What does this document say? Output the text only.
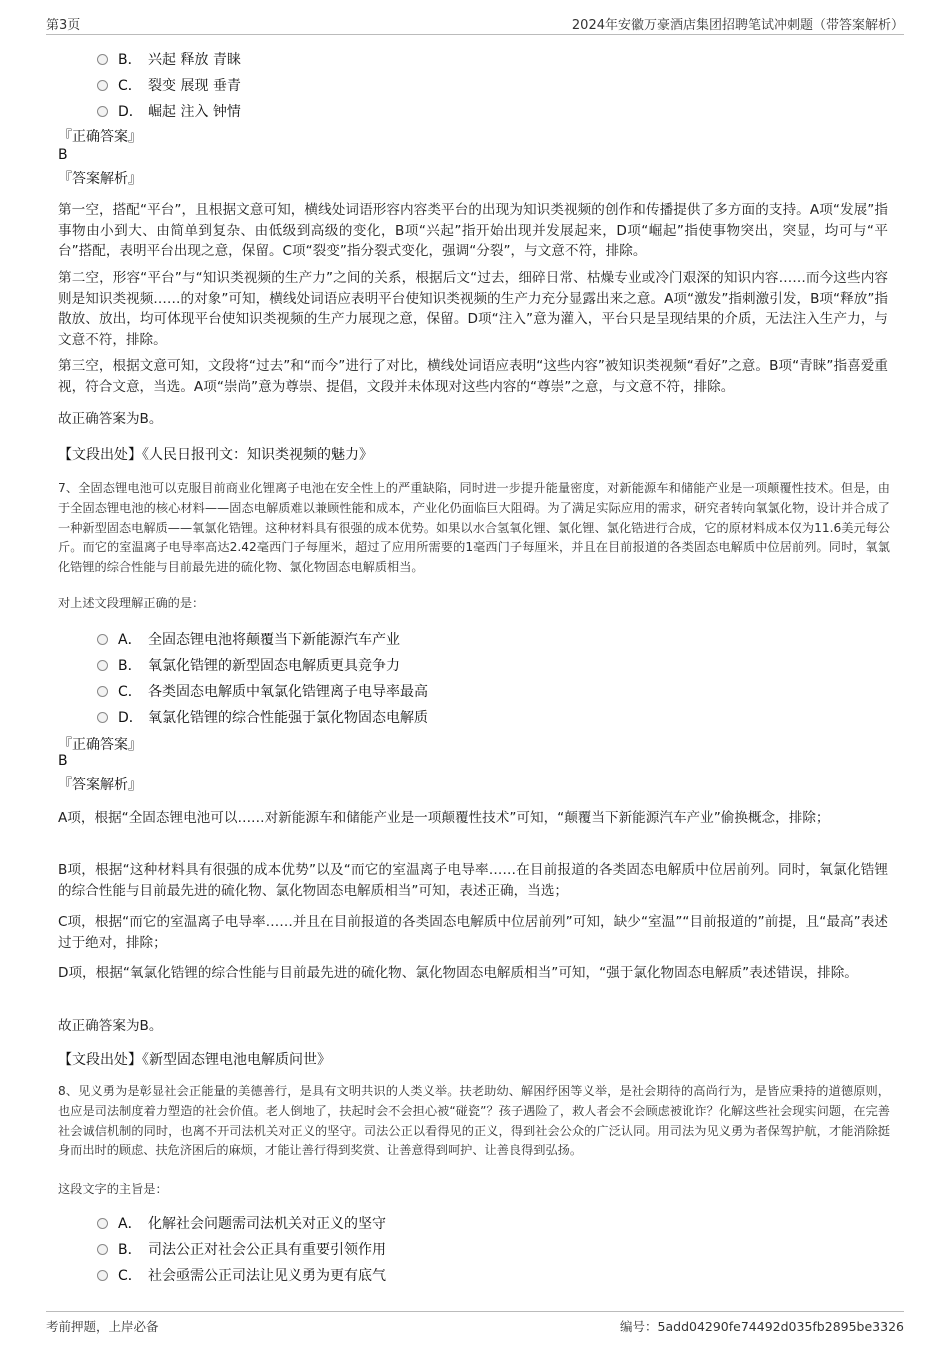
第3页	2024年安徽万豪酒店集团招聘笔试冲刺题（带答案解析）
B． 兴起 释放 青睐
C． 裂变 展现 垂青
D． 崛起 注入 钟情
『正确答案』
B
『答案解析』
第一空，搭配“平台”，且根据文意可知，横线处词语形容内容类平台的出现为知识类视频的创作和传播提供了多方面的支持。A项“发展”指事物由小到大、由简单到复杂、由低级到高级的变化，B项“兴起”指开始出现并发展起来，D项“崛起”指使事物突出，突显，均可与“平台”搭配，表明平台出现之意，保留。C项“裂变”指分裂式变化，强调“分裂”，与文意不符，排除。
第二空，形容“平台”与“知识类视频的生产力”之间的关系，根据后文“过去，细碎日常、枯燥专业或冷门艰深的知识内容……而今这些内容则是知识类视频……的对象”可知，横线处词语应表明平台使知识类视频的生产力充分显露出来之意。A项“激发”指刺激引发，B项“释放”指散放、放出，均可体现平台使知识类视频的生产力展现之意，保留。D项“注入”意为灌入，平台只是呈现结果的介质，无法注入生产力，与文意不符，排除。
第三空，根据文意可知，文段将“过去”和“而今”进行了对比，横线处词语应表明“这些内容”被知识类视频“看好”之意。B项“青睐”指喜爱重视，符合文意，当选。A项“崇尚”意为尊崇、提倡，文段并未体现对这些内容的“尊崇”之意，与文意不符，排除。
故正确答案为B。
【文段出处】《人民日报刊文：知识类视频的魅力》
7、全固态锂电池可以克服目前商业化锂离子电池在安全性上的严重缺陷，同时进一步提升能量密度，对新能源车和储能产业是一项颠覆性技术。但是，由于全固态锂电池的核心材料——固态电解质难以兼顾性能和成本，产业化仍面临巨大阻碍。为了满足实际应用的需求，研究者转向氧氯化物，设计并合成了一种新型固态电解质——氧氯化锆锂。这种材料具有很强的成本优势。如果以水合氢氧化锂、氯化锂、氯化锆进行合成，它的原材料成本仅为11.6美元每公斤。而它的室温离子电导率高达2.42毫西门子每厘米，超过了应用所需要的1毫西门子每厘米，并且在目前报道的各类固态电解质中位居前列。同时，氧氯化锆锂的综合性能与目前最先进的硫化物、氯化物固态电解质相当。
对上述文段理解正确的是：
A． 全固态锂电池将颠覆当下新能源汽车产业
B． 氧氯化锆锂的新型固态电解质更具竞争力
C． 各类固态电解质中氧氯化锆锂离子电导率最高
D． 氧氯化锆锂的综合性能强于氯化物固态电解质
『正确答案』
B
『答案解析』
A项，根据“全固态锂电池可以……对新能源车和储能产业是一项颠覆性技术”可知，“颠覆当下新能源汽车产业”偷换概念，排除；
B项，根据“这种材料具有很强的成本优势”以及“而它的室温离子电导率……在目前报道的各类固态电解质中位居前列。同时，氧氯化锆锂的综合性能与目前最先进的硫化物、氯化物固态电解质相当”可知，表述正确，当选；
C项，根据“而它的室温离子电导率……并且在目前报道的各类固态电解质中位居前列”可知，缺少“室温”“目前报道的”前提，且“最高”表述过于绝对，排除；
D项，根据“氧氯化锆锂的综合性能与目前最先进的硫化物、氯化物固态电解质相当”可知，“强于氯化物固态电解质”表述错误，排除。
故正确答案为B。
【文段出处】《新型固态锂电池电解质问世》
8、见义勇为是彰显社会正能量的美德善行，是具有文明共识的人类义举。扶老助幼、解困纾困等义举，是社会期待的高尚行为，是皆应秉持的道德原则，也应是司法制度着力塑造的社会价值。老人倒地了，扶起时会不会担心被“碰瓷”？孩子遇险了，救人者会不会顾虑被讹诈？化解这些社会现实问题，在完善社会诚信机制的同时，也离不开司法机关对正义的坚守。司法公正以看得见的正义，得到社会公众的广泛认同。用司法为见义勇为者保驾护航，才能消除挺身而出时的顾虑、扶危济困后的麻烦，才能让善行得到奖赏、让善意得到呵护、让善良得到弘扬。
这段文字的主旨是：
A． 化解社会问题需司法机关对正义的坚守
B． 司法公正对社会公正具有重要引领作用
C． 社会亟需公正司法让见义勇为更有底气
考前押题，上岸必备	编号：5add04290fe74492d035fb2895be3326
